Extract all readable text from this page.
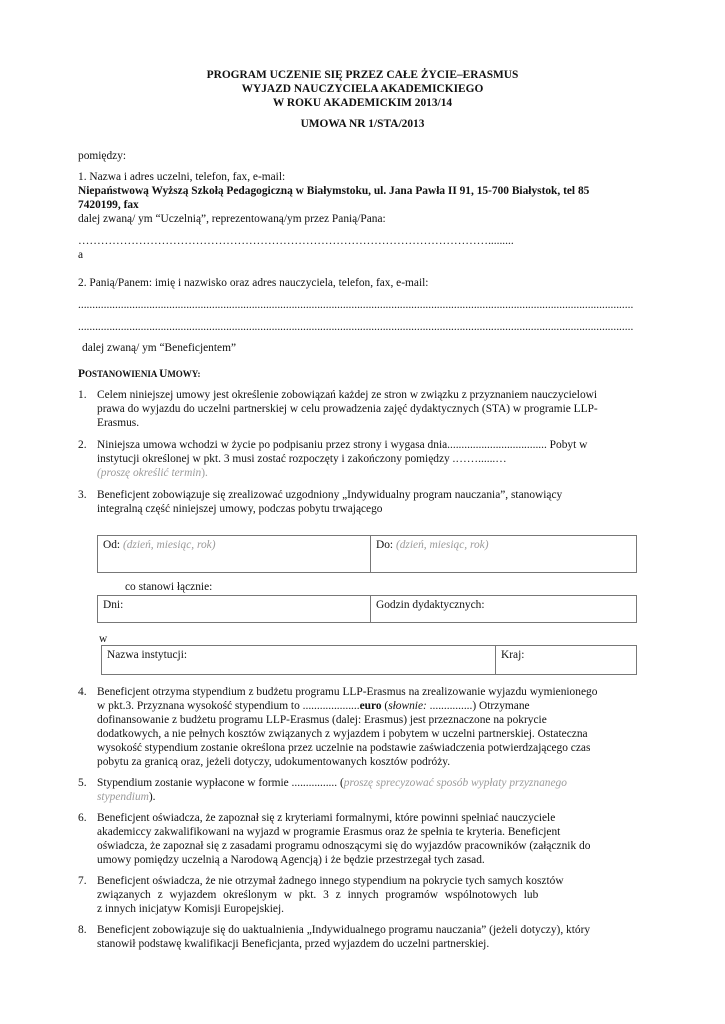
PROGRAM UCZENIE SIĘ PRZEZ CAŁE ŻYCIE–ERASMUS
WYJAZD NAUCZYCIELA AKADEMICKIEGO
W ROKU AKADEMICKIM 2013/14
UMOWA NR 1/STA/2013
pomiędzy:
1. Nazwa i adres uczelni, telefon, fax, e-mail:
Niepaństwową Wyższą Szkołą Pedagogiczną w Białymstoku, ul. Jana Pawła II 91, 15-700 Białystok, tel 85
7420199, fax
dalej zwaną/ ym “Uczelnią”, reprezentowaną/ym przez Panią/Pana:
……………………………………………………………………………………………….........
a
2. Panią/Panem: imię i nazwisko oraz adres nauczyciela, telefon, fax, e-mail:
...................................................................................................................................................................................................
...................................................................................................................................................................................................
dalej zwaną/ ym “Beneficjentem”
POSTANOWIENIA UMOWY:
1. Celem niniejszej umowy jest określenie zobowiązań każdej ze stron w związku z przyznaniem nauczycielowi
prawa do wyjazdu do uczelni partnerskiej w celu prowadzenia zajęć dydaktycznych (STA) w programie LLP-
Erasmus.
2. Niniejsza umowa wchodzi w życie po podpisaniu przez strony i wygasa dnia................................... Pobyt w
instytucji określonej w pkt. 3 musi zostać rozpoczęty i zakończony pomiędzy .……......…
(proszę określić termin).
3. Beneficjent zobowiązuje się zrealizować uzgodniony „Indywidualny program nauczania”, stanowiący
integralną część niniejszej umowy, podczas pobytu trwającego
Od: (dzień, miesiąc, rok)	Do: (dzień, miesiąc, rok)
co stanowi łącznie:
Dni:	Godzin dydaktycznych:
w
Nazwa instytucji:	Kraj:
4. Beneficjent otrzyma stypendium z budżetu programu LLP-Erasmus na zrealizowanie wyjazdu wymienionego
w pkt.3. Przyznana wysokość stypendium to ....................euro (słownie: ...............) Otrzymane
dofinansowanie z budżetu programu LLP-Erasmus (dalej: Erasmus) jest przeznaczone na pokrycie
dodatkowych, a nie pełnych kosztów związanych z wyjazdem i pobytem w uczelni partnerskiej. Ostateczna
wysokość stypendium zostanie określona przez uczelnie na podstawie zaświadczenia potwierdzającego czas
pobytu za granicą oraz, jeżeli dotyczy, udokumentowanych kosztów podróży.
5. Stypendium zostanie wypłacone w formie ................ (proszę sprecyzować sposób wypłaty przyznanego
stypendium).
6. Beneficjent oświadcza, że zapoznał się z kryteriami formalnymi, które powinni spełniać nauczyciele
akademiccy zakwalifikowani na wyjazd w programie Erasmus oraz że spełnia te kryteria. Beneficjent
oświadcza, że zapoznał się z zasadami programu odnoszącymi się do wyjazdów pracowników (załącznik do
umowy pomiędzy uczelnią a Narodową Agencją) i że będzie przestrzegał tych zasad.
7. Beneficjent oświadcza, że nie otrzymał żadnego innego stypendium na pokrycie tych samych kosztów
związanych z wyjazdem określonym w pkt. 3 z innych programów wspólnotowych lub
z innych inicjatyw Komisji Europejskiej.
8. Beneficjent zobowiązuje się do uaktualnienia „Indywidualnego programu nauczania” (jeżeli dotyczy), który
stanowił podstawę kwalifikacji Beneficjanta, przed wyjazdem do uczelni partnerskiej.
